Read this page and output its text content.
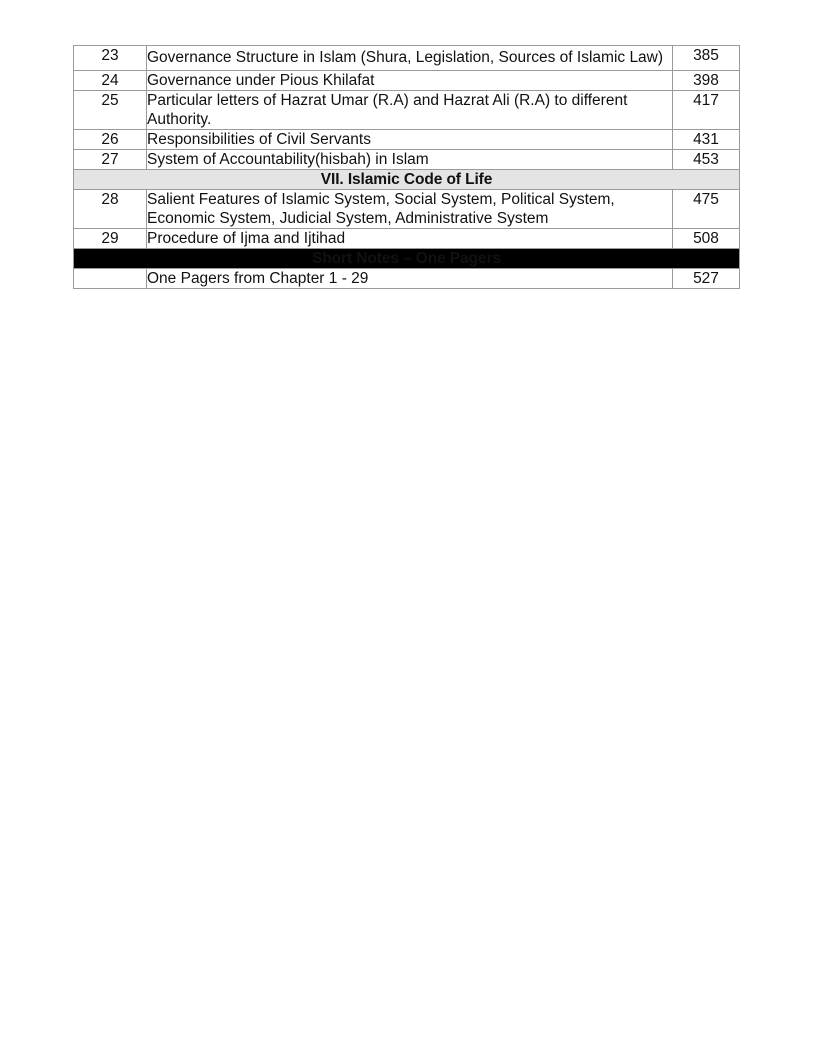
23	Governance Structure in Islam (Shura, Legislation, Sources of Islamic Law)	385
24	Governance under Pious Khilafat	398
25	Particular letters of Hazrat Umar (R.A) and Hazrat Ali (R.A) to different Authority.	417
26	Responsibilities of Civil Servants	431
27	System of Accountability(hisbah) in Islam	453
VII. Islamic Code of Life		
28	Salient Features of Islamic System, Social System, Political System, Economic System, Judicial System, Administrative System	475
29	Procedure of Ijma and Ijtihad	508
Short Notes – One Pagers		
	One Pagers from Chapter 1 - 29	527
